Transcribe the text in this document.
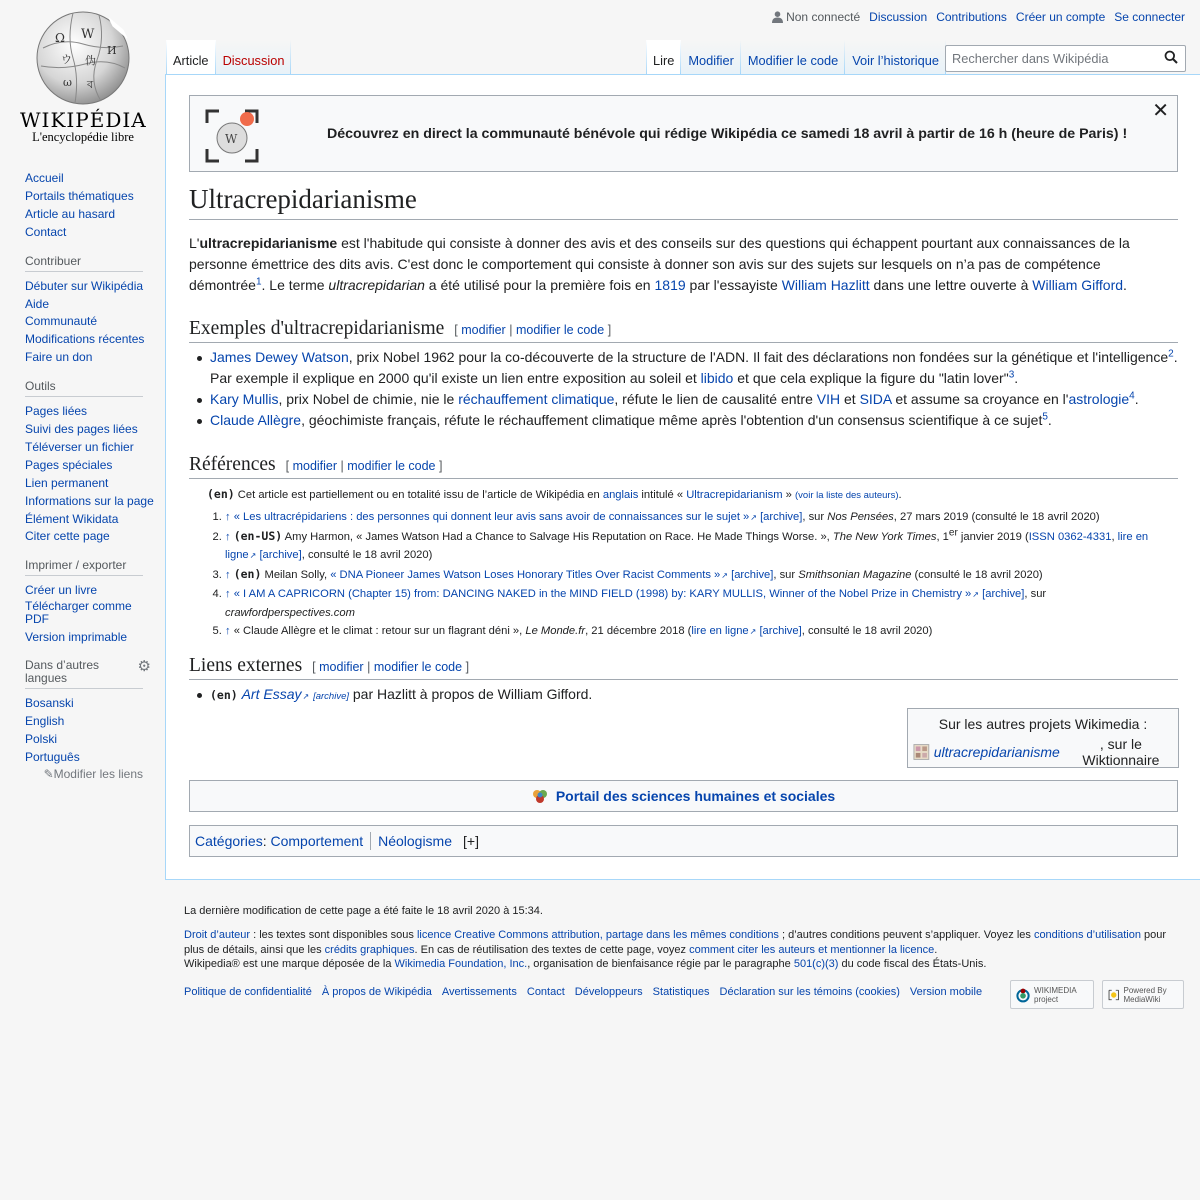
Ω W
И
ウ 伪
ω ব
WIKIPÉDIA
L'encyclopédie libre
Non connecté Discussion Contributions Créer un compte Se connecter
Article	Discussion	Lire	Modifier	Modifier le code	Voir l’historique	Rechercher dans Wikipédia
Accueil
Portails thématiques
Article au hasard
Contact
Contribuer
Débuter sur Wikipédia
Aide
Communauté
Modifications récentes
Faire un don
Outils
Pages liées
Suivi des pages liées
Téléverser un fichier
Pages spéciales
Lien permanent
Informations sur la page
Élément Wikidata
Citer cette page
Imprimer / exporter
Créer un livre
Télécharger comme PDF
Version imprimable
Dans d’autres langues
⚙
Bosanski
English
Polski
Português
✎Modifier les liens
W	Découvrez en direct la communauté bénévole qui rédige Wikipédia ce samedi 18 avril à partir de 16 h (heure de Paris) !
✕
Ultracrepidarianisme

L'ultracrepidarianisme est l'habitude qui consiste à donner des avis et des conseils sur des questions qui échappent pourtant aux connaissances de la personne émettrice des dits avis. C'est donc le comportement qui consiste à donner son avis sur des sujets sur lesquels on n’a pas de compétence démontrée$^1$. Le terme ultracrepidarian a été utilisé pour la première fois en 1819 par l'essayiste William Hazlitt dans une lettre ouverte à William Gifford.

Exemples d'ultracrepidarianisme [ modifier | modifier le code ]
James Dewey Watson, prix Nobel 1962 pour la co-découverte de la structure de l'ADN. Il fait des déclarations non fondées sur la génétique et l'intelligence$^2$. Par exemple il explique en 2000 qu'il existe un lien entre exposition au soleil et libido et que cela explique la figure du "latin lover"$^3$.
Kary Mullis, prix Nobel de chimie, nie le réchauffement climatique, réfute le lien de causalité entre VIH et SIDA et assume sa croyance en l'astrologie$^4$.
Claude Allègre, géochimiste français, réfute le réchauffement climatique même après l'obtention d'un consensus scientifique à ce sujet$^5$.
Références [ modifier | modifier le code ]
(en) Cet article est partiellement ou en totalité issu de l’article de Wikipédia en anglais intitulé « Ultracrepidarianism » (voir la liste des auteurs).
1. ↑ « Les ultracrépidariens : des personnes qui donnent leur avis sans avoir de connaissances sur le sujet » ↗ [archive], sur Nos Pensées, 27 mars 2019 (consulté le 18 avril 2020)
2. ↑ (en-US) Amy Harmon, « James Watson Had a Chance to Salvage His Reputation on Race. He Made Things Worse. », The New York Times, 1er janvier 2019 (ISSN 0362-4331, lire en ligne ↗ [archive], consulté le 18 avril 2020)
3. ↑ (en) Meilan Solly, « DNA Pioneer James Watson Loses Honorary Titles Over Racist Comments » ↗ [archive], sur Smithsonian Magazine (consulté le 18 avril 2020)
4. ↑ « I AM A CAPRICORN (Chapter 15) from: DANCING NAKED in the MIND FIELD (1998) by: KARY MULLIS, Winner of the Nobel Prize in Chemistry » ↗ [archive], sur crawfordperspectives.com
5. ↑ « Claude Allègre et le climat : retour sur un flagrant déni », Le Monde.fr, 21 décembre 2018 (lire en ligne ↗ [archive], consulté le 18 avril 2020)
Liens externes [ modifier | modifier le code ]
(en) Art Essay ↗ [archive] par Hazlitt à propos de William Gifford.
Sur les autres projets Wikimedia :
ultracrepidarianisme	, sur le Wiktionnaire
Portail des sciences humaines et sociales
Catégories :
Comportement Néologisme [+]

La dernière modification de cette page a été faite le 18 avril 2020 à 15:34.

Droit d’auteur : les textes sont disponibles sous licence Creative Commons attribution, partage dans les mêmes conditions ; d’autres conditions peuvent s’appliquer. Voyez les conditions d’utilisation pour plus de détails, ainsi que les crédits graphiques. En cas de réutilisation des textes de cette page, voyez comment citer les auteurs et mentionner la licence.

Wikipedia® est une marque déposée de la Wikimedia Foundation, Inc., organisation de bienfaisance régie par le paragraphe 501(c)(3) du code fiscal des États-Unis.

Politique de confidentialité À propos de Wikipédia Avertissements Contact Développeurs Statistiques Déclaration sur les témoins (cookies) Version mobile	WIKIMEDIA project
Powered By MediaWiki
